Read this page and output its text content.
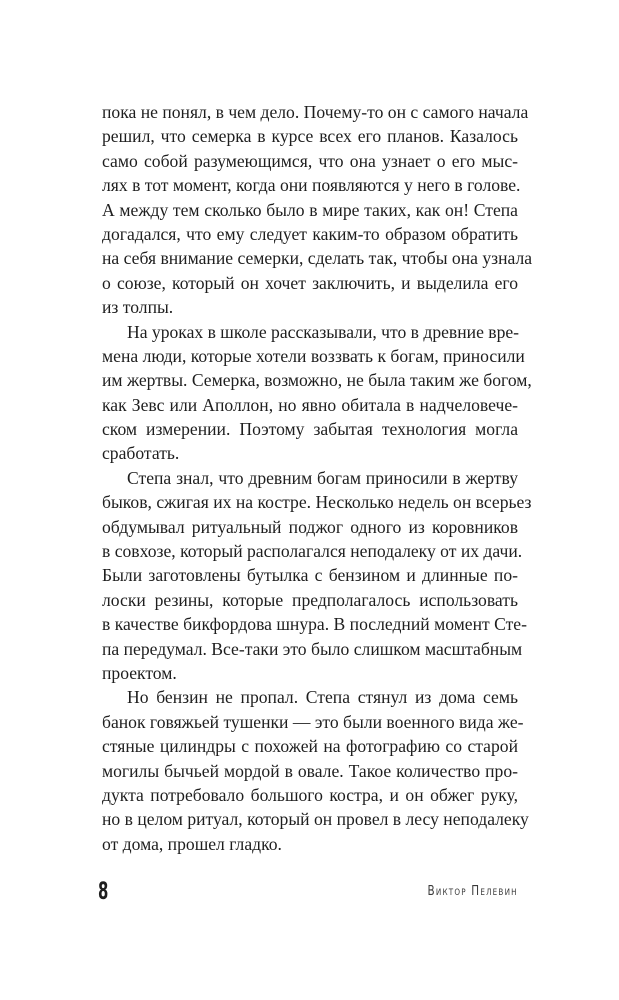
пока не понял, в чем дело. Почему-то он с самого начала
решил, что семерка в курсе всех его планов. Казалось
само собой разумеющимся, что она узнает о его мыс-
лях в тот момент, когда они появляются у него в голове.
А между тем сколько было в мире таких, как он! Степа
догадался, что ему следует каким-то образом обратить
на себя внимание семерки, сделать так, чтобы она узнала
о союзе, который он хочет заключить, и выделила его
из толпы.
На уроках в школе рассказывали, что в древние вре-
мена люди, которые хотели воззвать к богам, приносили
им жертвы. Семерка, возможно, не была таким же богом,
как Зевс или Аполлон, но явно обитала в надчеловече-
ском измерении. Поэтому забытая технология могла
сработать.
Степа знал, что древним богам приносили в жертву
быков, сжигая их на костре. Несколько недель он всерьез
обдумывал ритуальный поджог одного из коровников
в совхозе, который располагался неподалеку от их дачи.
Были заготовлены бутылка с бензином и длинные по-
лоски резины, которые предполагалось использовать
в качестве бикфордова шнура. В последний момент Сте-
па передумал. Все-таки это было слишком масштабным
проектом.
Но бензин не пропал. Степа стянул из дома семь
банок говяжьей тушенки — это были военного вида же-
стяные цилиндры с похожей на фотографию со старой
могилы бычьей мордой в овале. Такое количество про-
дукта потребовало большого костра, и он обжег руку,
но в целом ритуал, который он провел в лесу неподалеку
от дома, прошел гладко.
8	Виктор Пелевин
